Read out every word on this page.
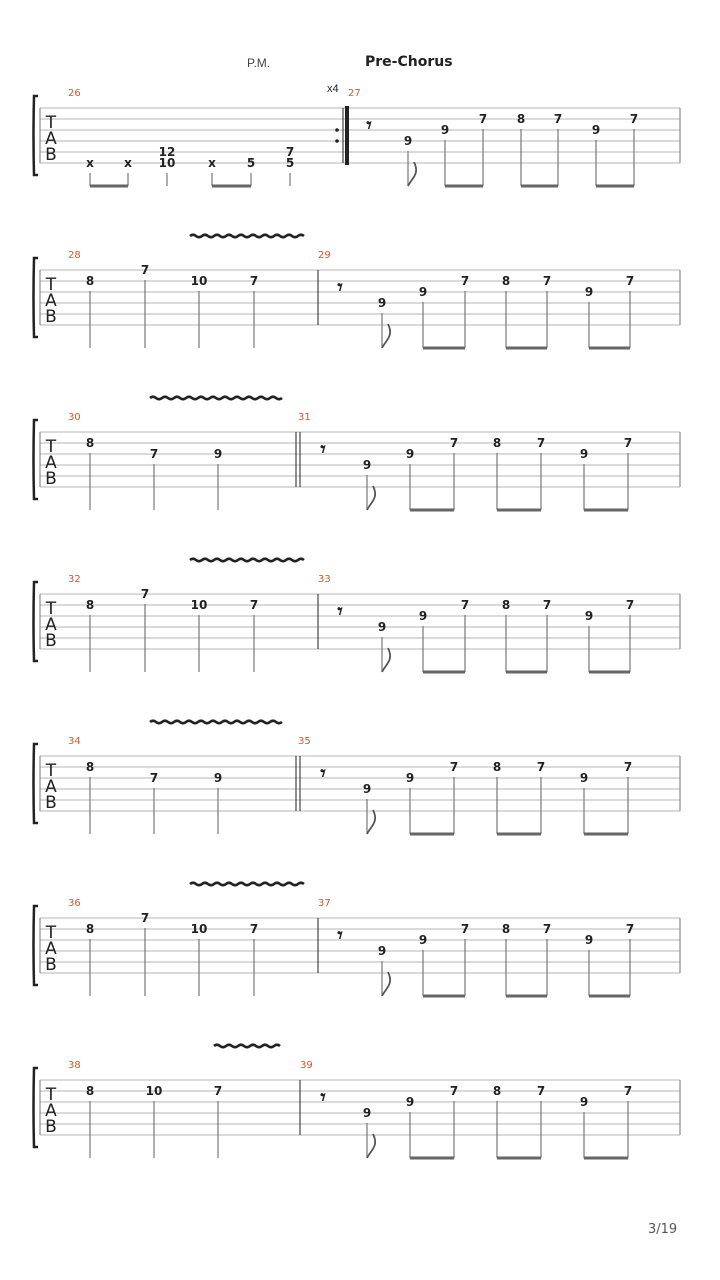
P.M.	Pre-Chorus
x4
T
A
B
26	27
x	x
12
10	x	5
7
5
𝄾
9
9
7 8 7
9
7
T
A
B
28	29
8
7
10	7	𝄾
9
9
7	8	7
9
7
T
A
B
30	31
8
7	9	𝄾
9
9
7	8	7
9
7
T
A
B
32	33
8
7
10	7	𝄾
9
9
7	8	7
9
7
T
A
B
34	35
8
7	9	𝄾
9
9
7	8	7
9
7
T
A
B
36	37
8
7
10	7	𝄾
9
9
7	8	7
9
7
T
A
B
38	39
8	10	7	𝄾
9
9
7	8	7
9
7
3/19
